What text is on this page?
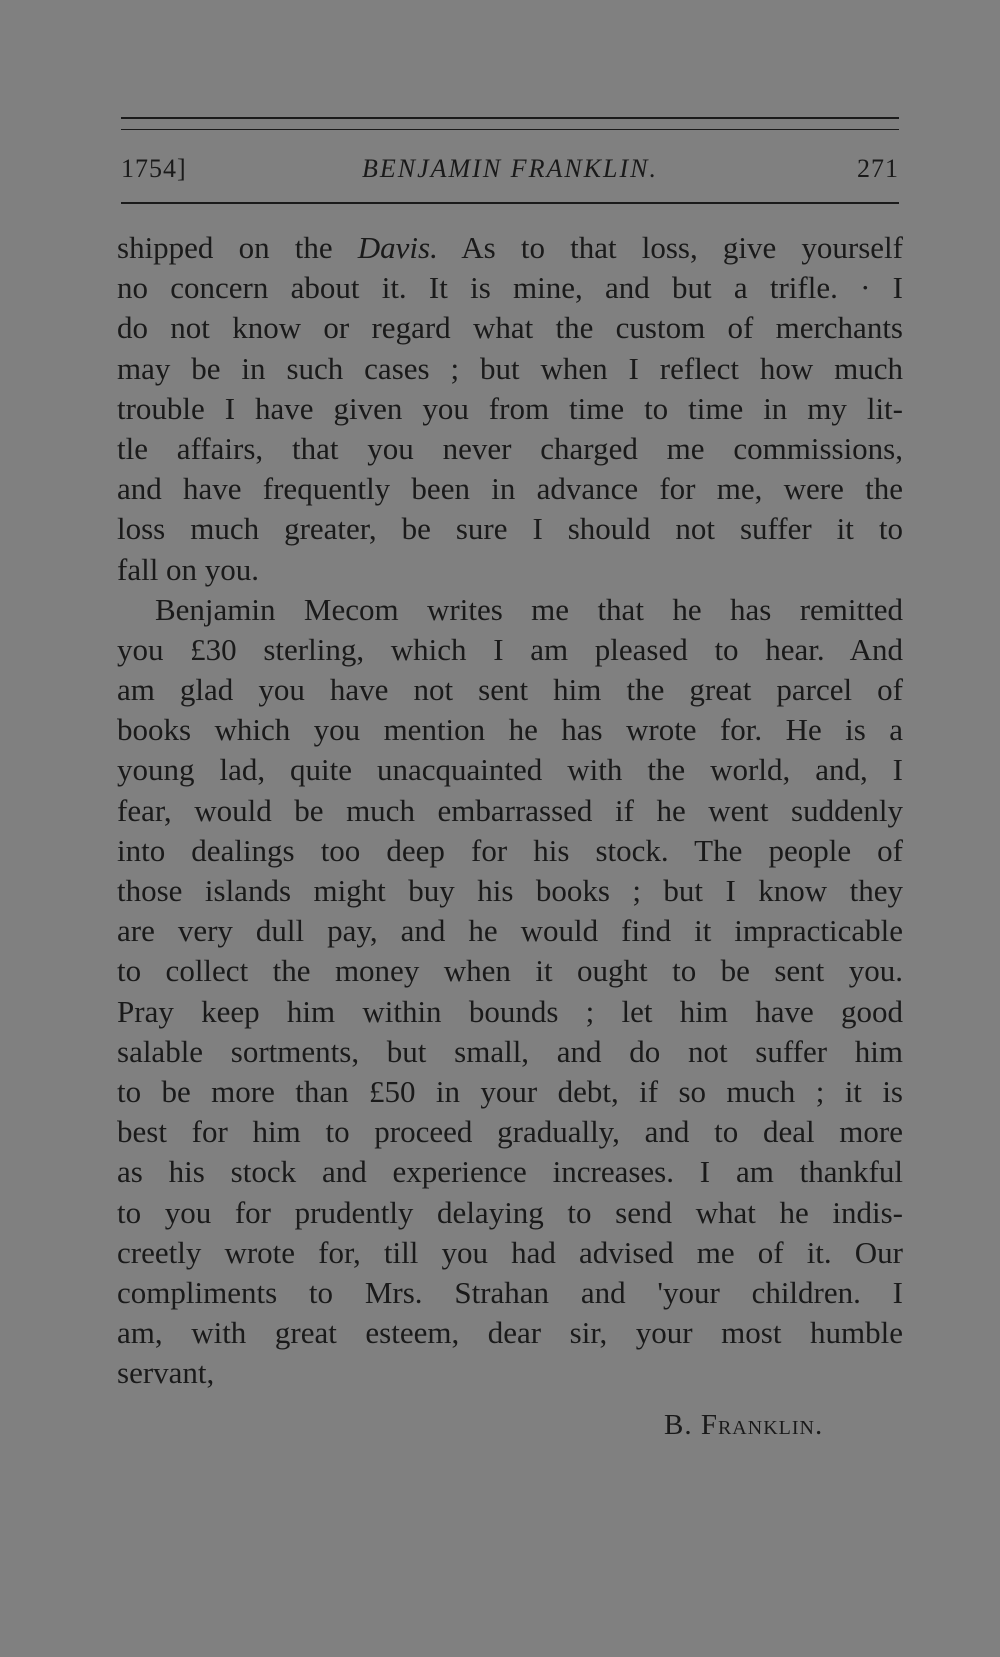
1754]	BENJAMIN FRANKLIN.	271
shipped on the Davis. As to that loss, give yourself
no concern about it. It is mine, and but a trifle. · I
do not know or regard what the custom of merchants
may be in such cases ; but when I reflect how much
trouble I have given you from time to time in my lit-
tle affairs, that you never charged me commissions,
and have frequently been in advance for me, were the
loss much greater, be sure I should not suffer it to
fall on you.
Benjamin Mecom writes me that he has remitted
you £30 sterling, which I am pleased to hear. And
am glad you have not sent him the great parcel of
books which you mention he has wrote for. He is a
young lad, quite unacquainted with the world, and, I
fear, would be much embarrassed if he went suddenly
into dealings too deep for his stock. The people of
those islands might buy his books ; but I know they
are very dull pay, and he would find it impracticable
to collect the money when it ought to be sent you.
Pray keep him within bounds ; let him have good
salable sortments, but small, and do not suffer him
to be more than £50 in your debt, if so much ; it is
best for him to proceed gradually, and to deal more
as his stock and experience increases. I am thankful
to you for prudently delaying to send what he indis-
creetly wrote for, till you had advised me of it. Our
compliments to Mrs. Strahan and 'your children. I
am, with great esteem, dear sir, your most humble
servant,
B. Franklin.
